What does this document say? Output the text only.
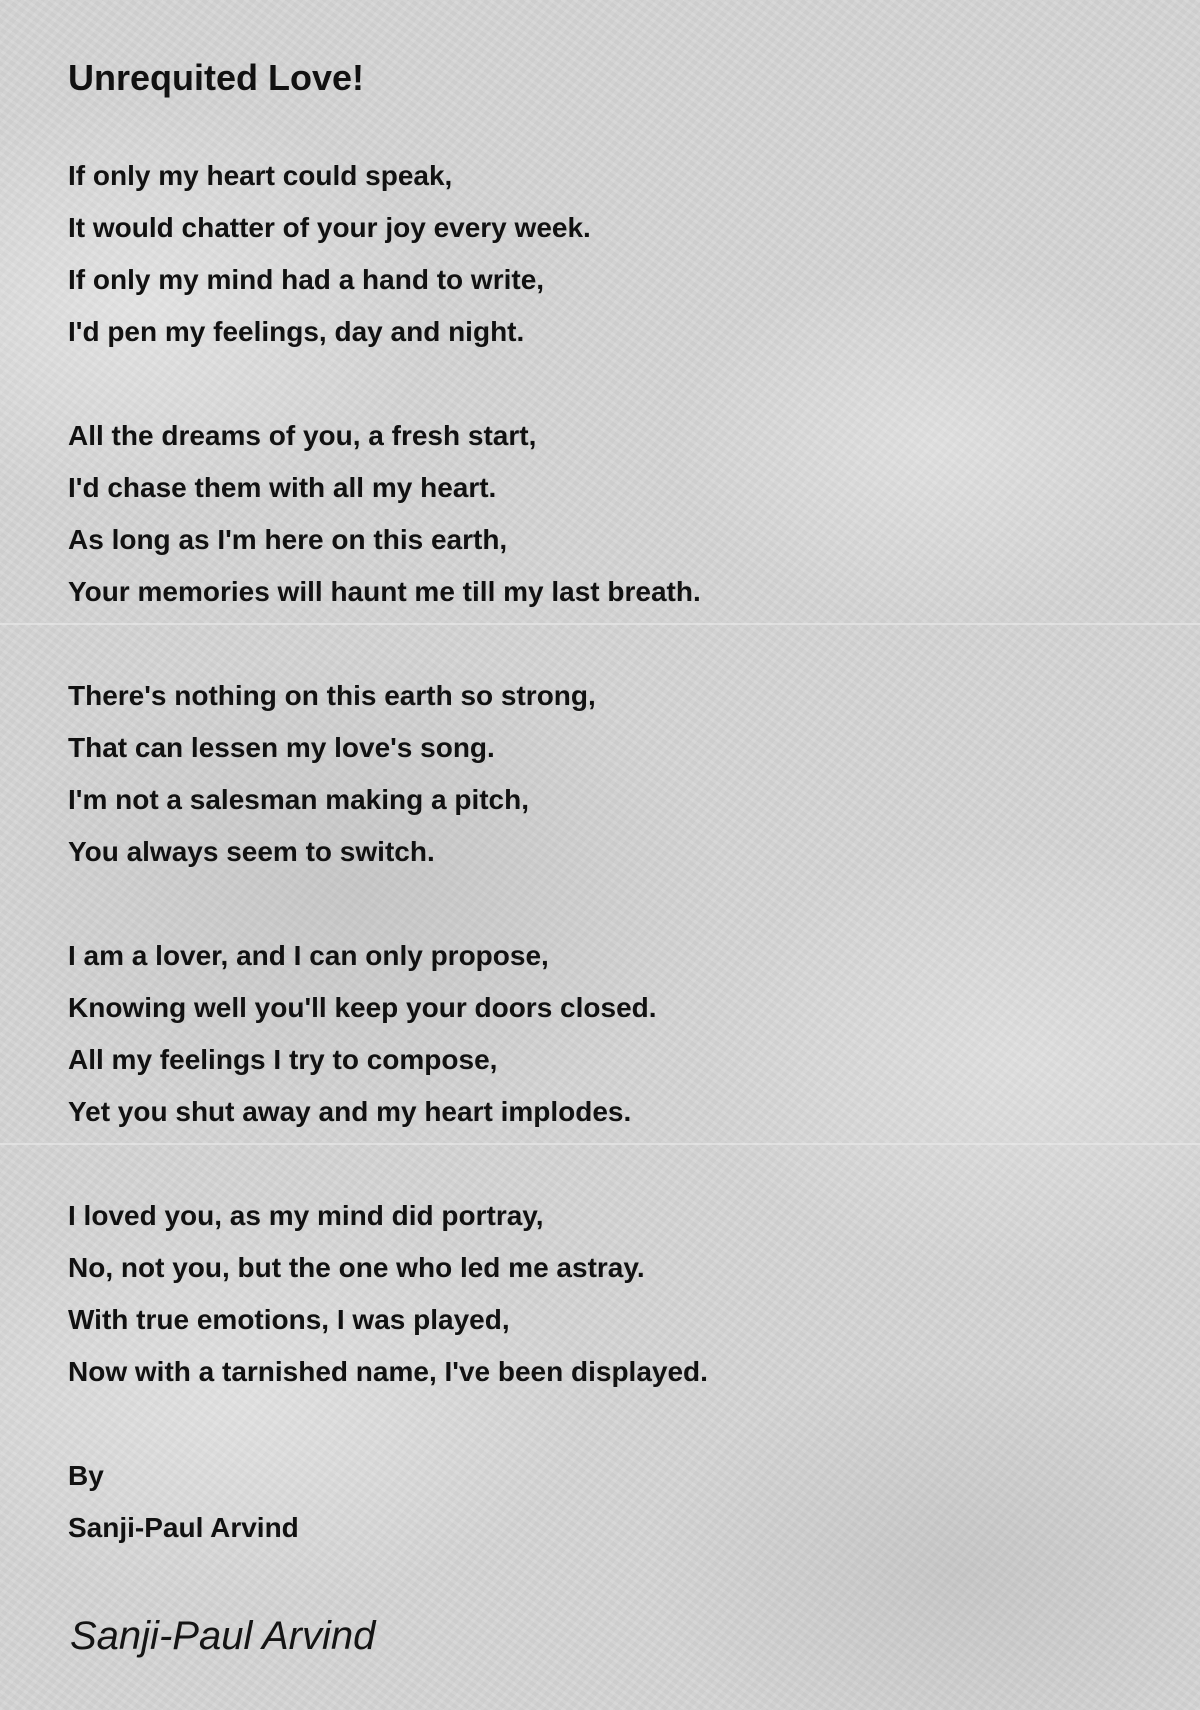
Unrequited Love!

If only my heart could speak,
It would chatter of your joy every week.
If only my mind had a hand to write,
I'd pen my feelings, day and night.

All the dreams of you, a fresh start,
I'd chase them with all my heart.
As long as I'm here on this earth,
Your memories will haunt me till my last breath.

There's nothing on this earth so strong,
That can lessen my love's song.
I'm not a salesman making a pitch,
You always seem to switch.

I am a lover, and I can only propose,
Knowing well you'll keep your doors closed.
All my feelings I try to compose,
Yet you shut away and my heart implodes.

I loved you, as my mind did portray,
No, not you, but the one who led me astray.
With true emotions, I was played,
Now with a tarnished name, I've been displayed.

By
Sanji-Paul Arvind

Sanji-Paul Arvind
